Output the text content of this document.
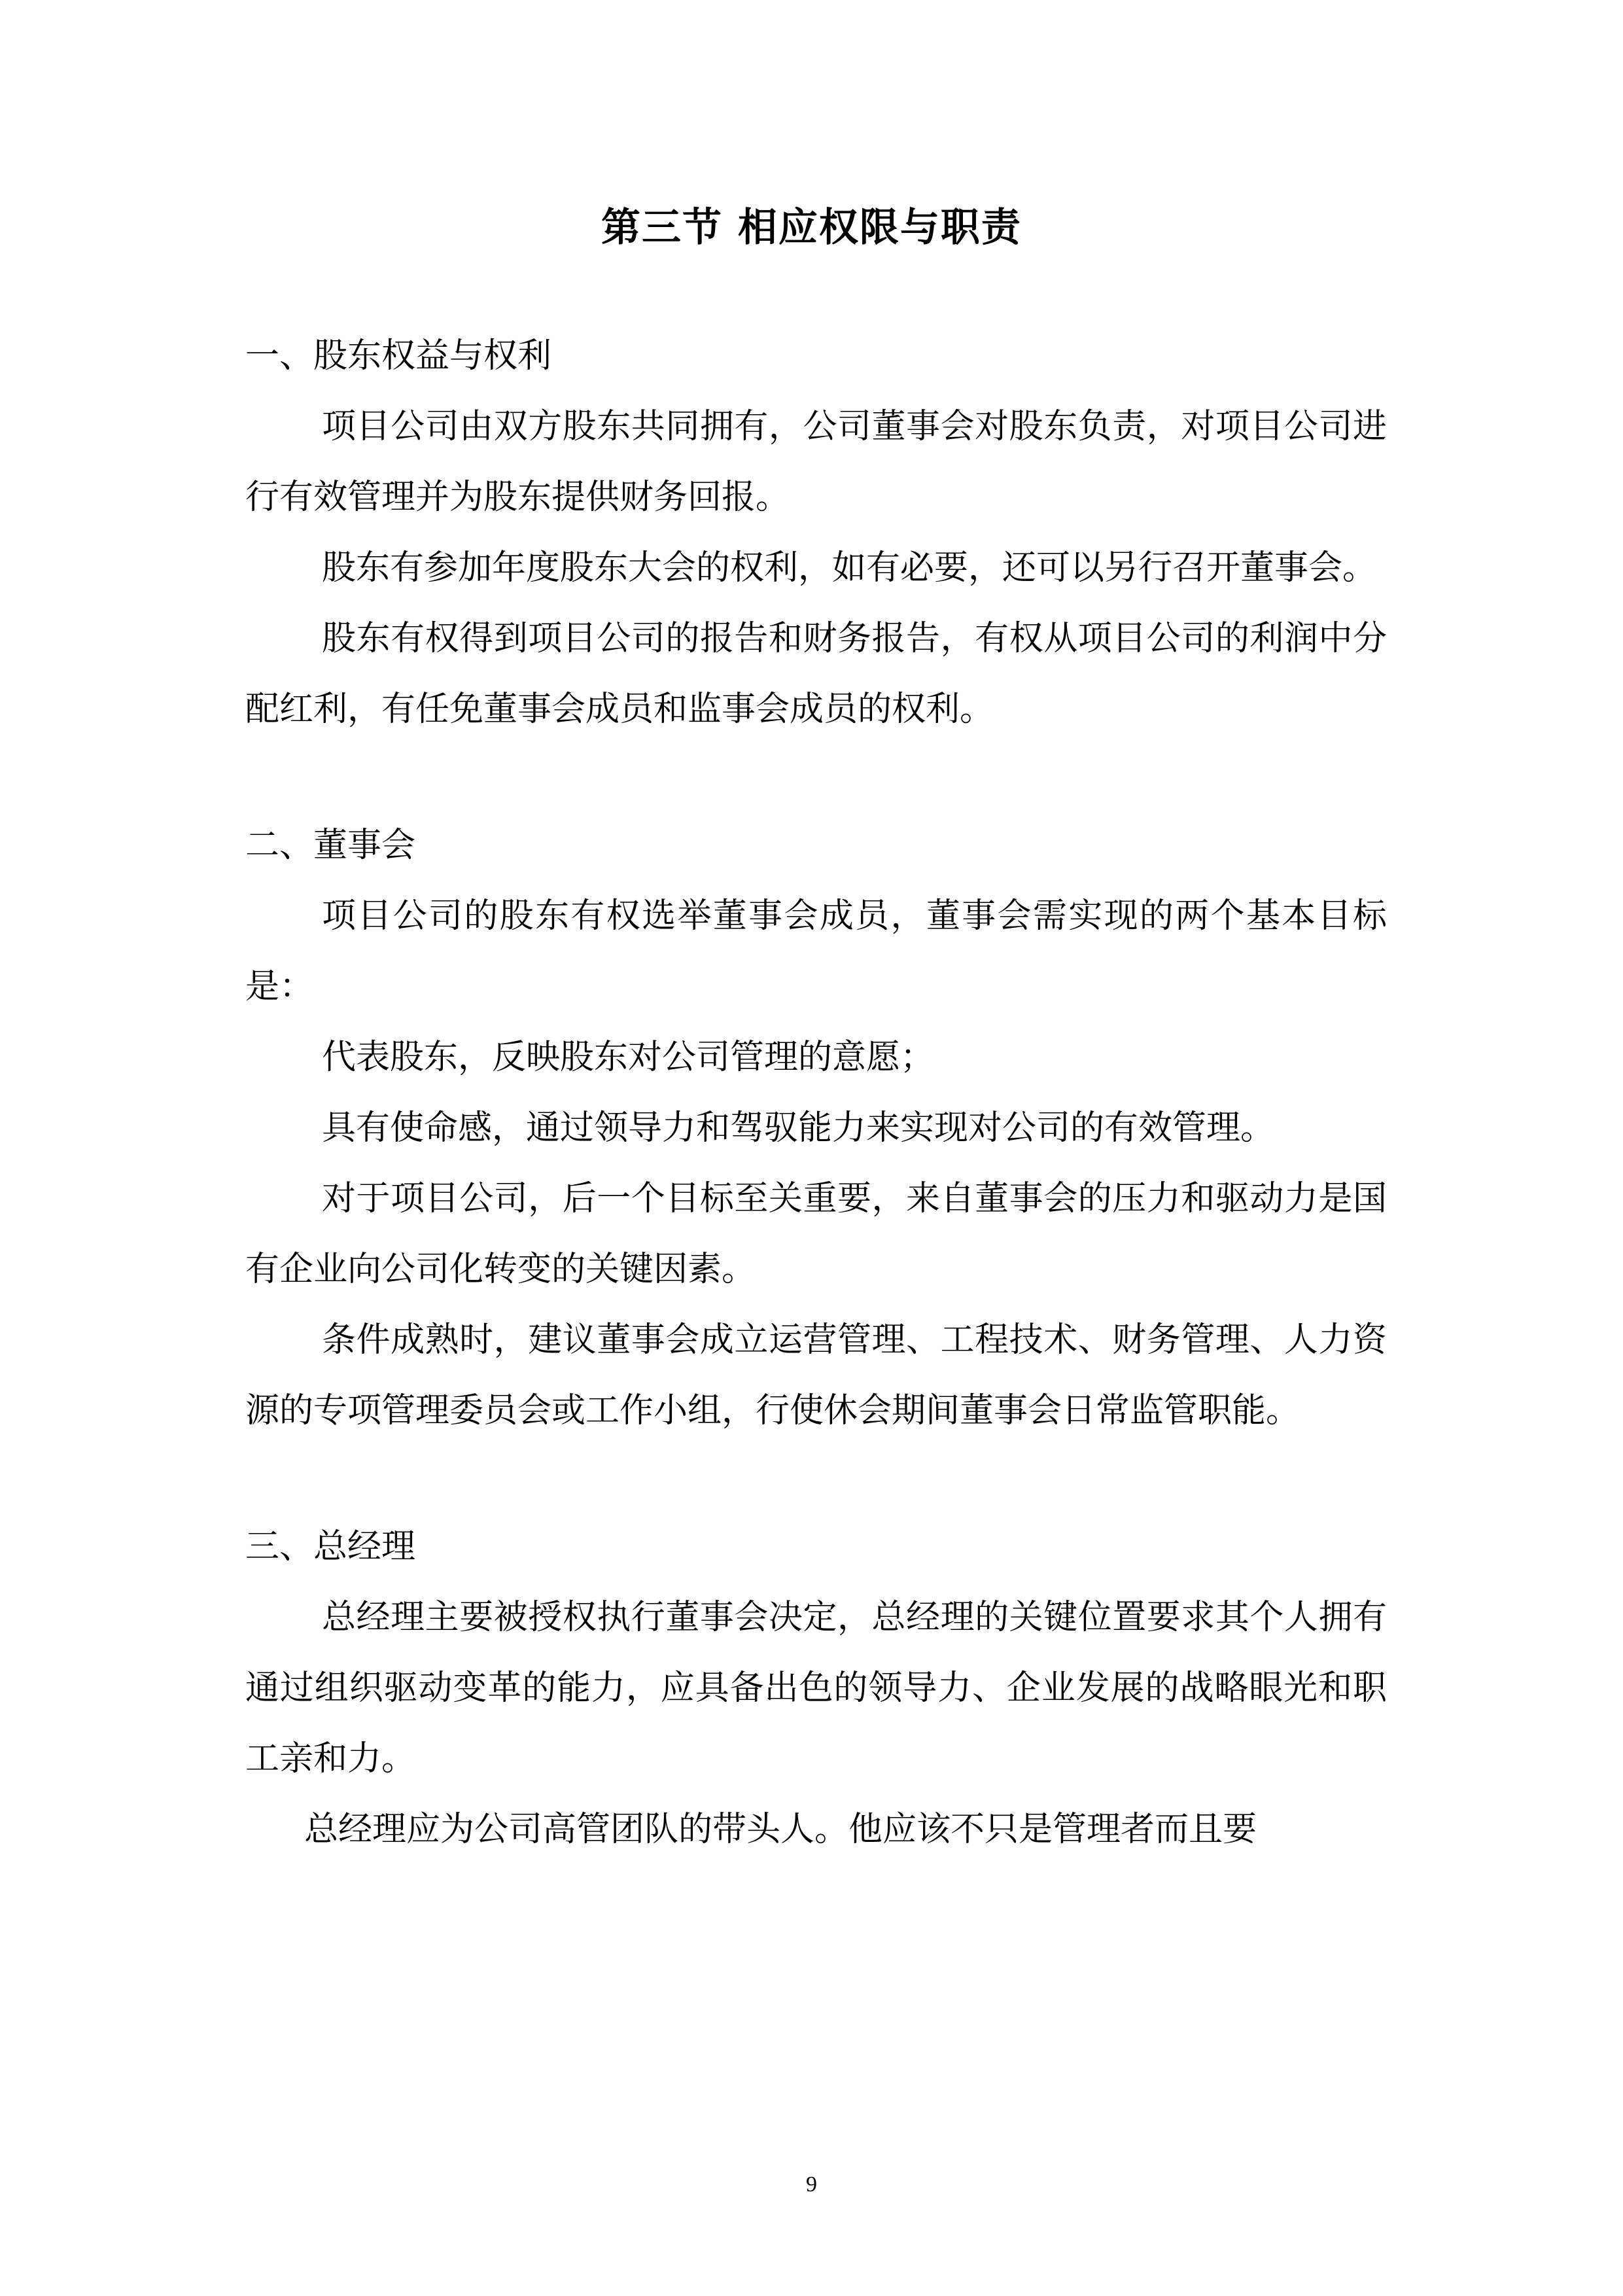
第三节 相应权限与职责

一、股东权益与权利

项目公司由双方股东共同拥有，公司董事会对股东负责，对项目公司进行有效管理并为股东提供财务回报。

股东有参加年度股东大会的权利，如有必要，还可以另行召开董事会。

股东有权得到项目公司的报告和财务报告，有权从项目公司的利润中分配红利，有任免董事会成员和监事会成员的权利。

二、董事会

项目公司的股东有权选举董事会成员，董事会需实现的两个基本目标是：

代表股东，反映股东对公司管理的意愿；

具有使命感，通过领导力和驾驭能力来实现对公司的有效管理。

对于项目公司，后一个目标至关重要，来自董事会的压力和驱动力是国有企业向公司化转变的关键因素。

条件成熟时，建议董事会成立运营管理、工程技术、财务管理、人力资源的专项管理委员会或工作小组，行使休会期间董事会日常监管职能。

三、总经理

总经理主要被授权执行董事会决定，总经理的关键位置要求其个人拥有通过组织驱动变革的能力，应具备出色的领导力、企业发展的战略眼光和职工亲和力。

总经理应为公司高管团队的带头人。他应该不只是管理者而且要

9
